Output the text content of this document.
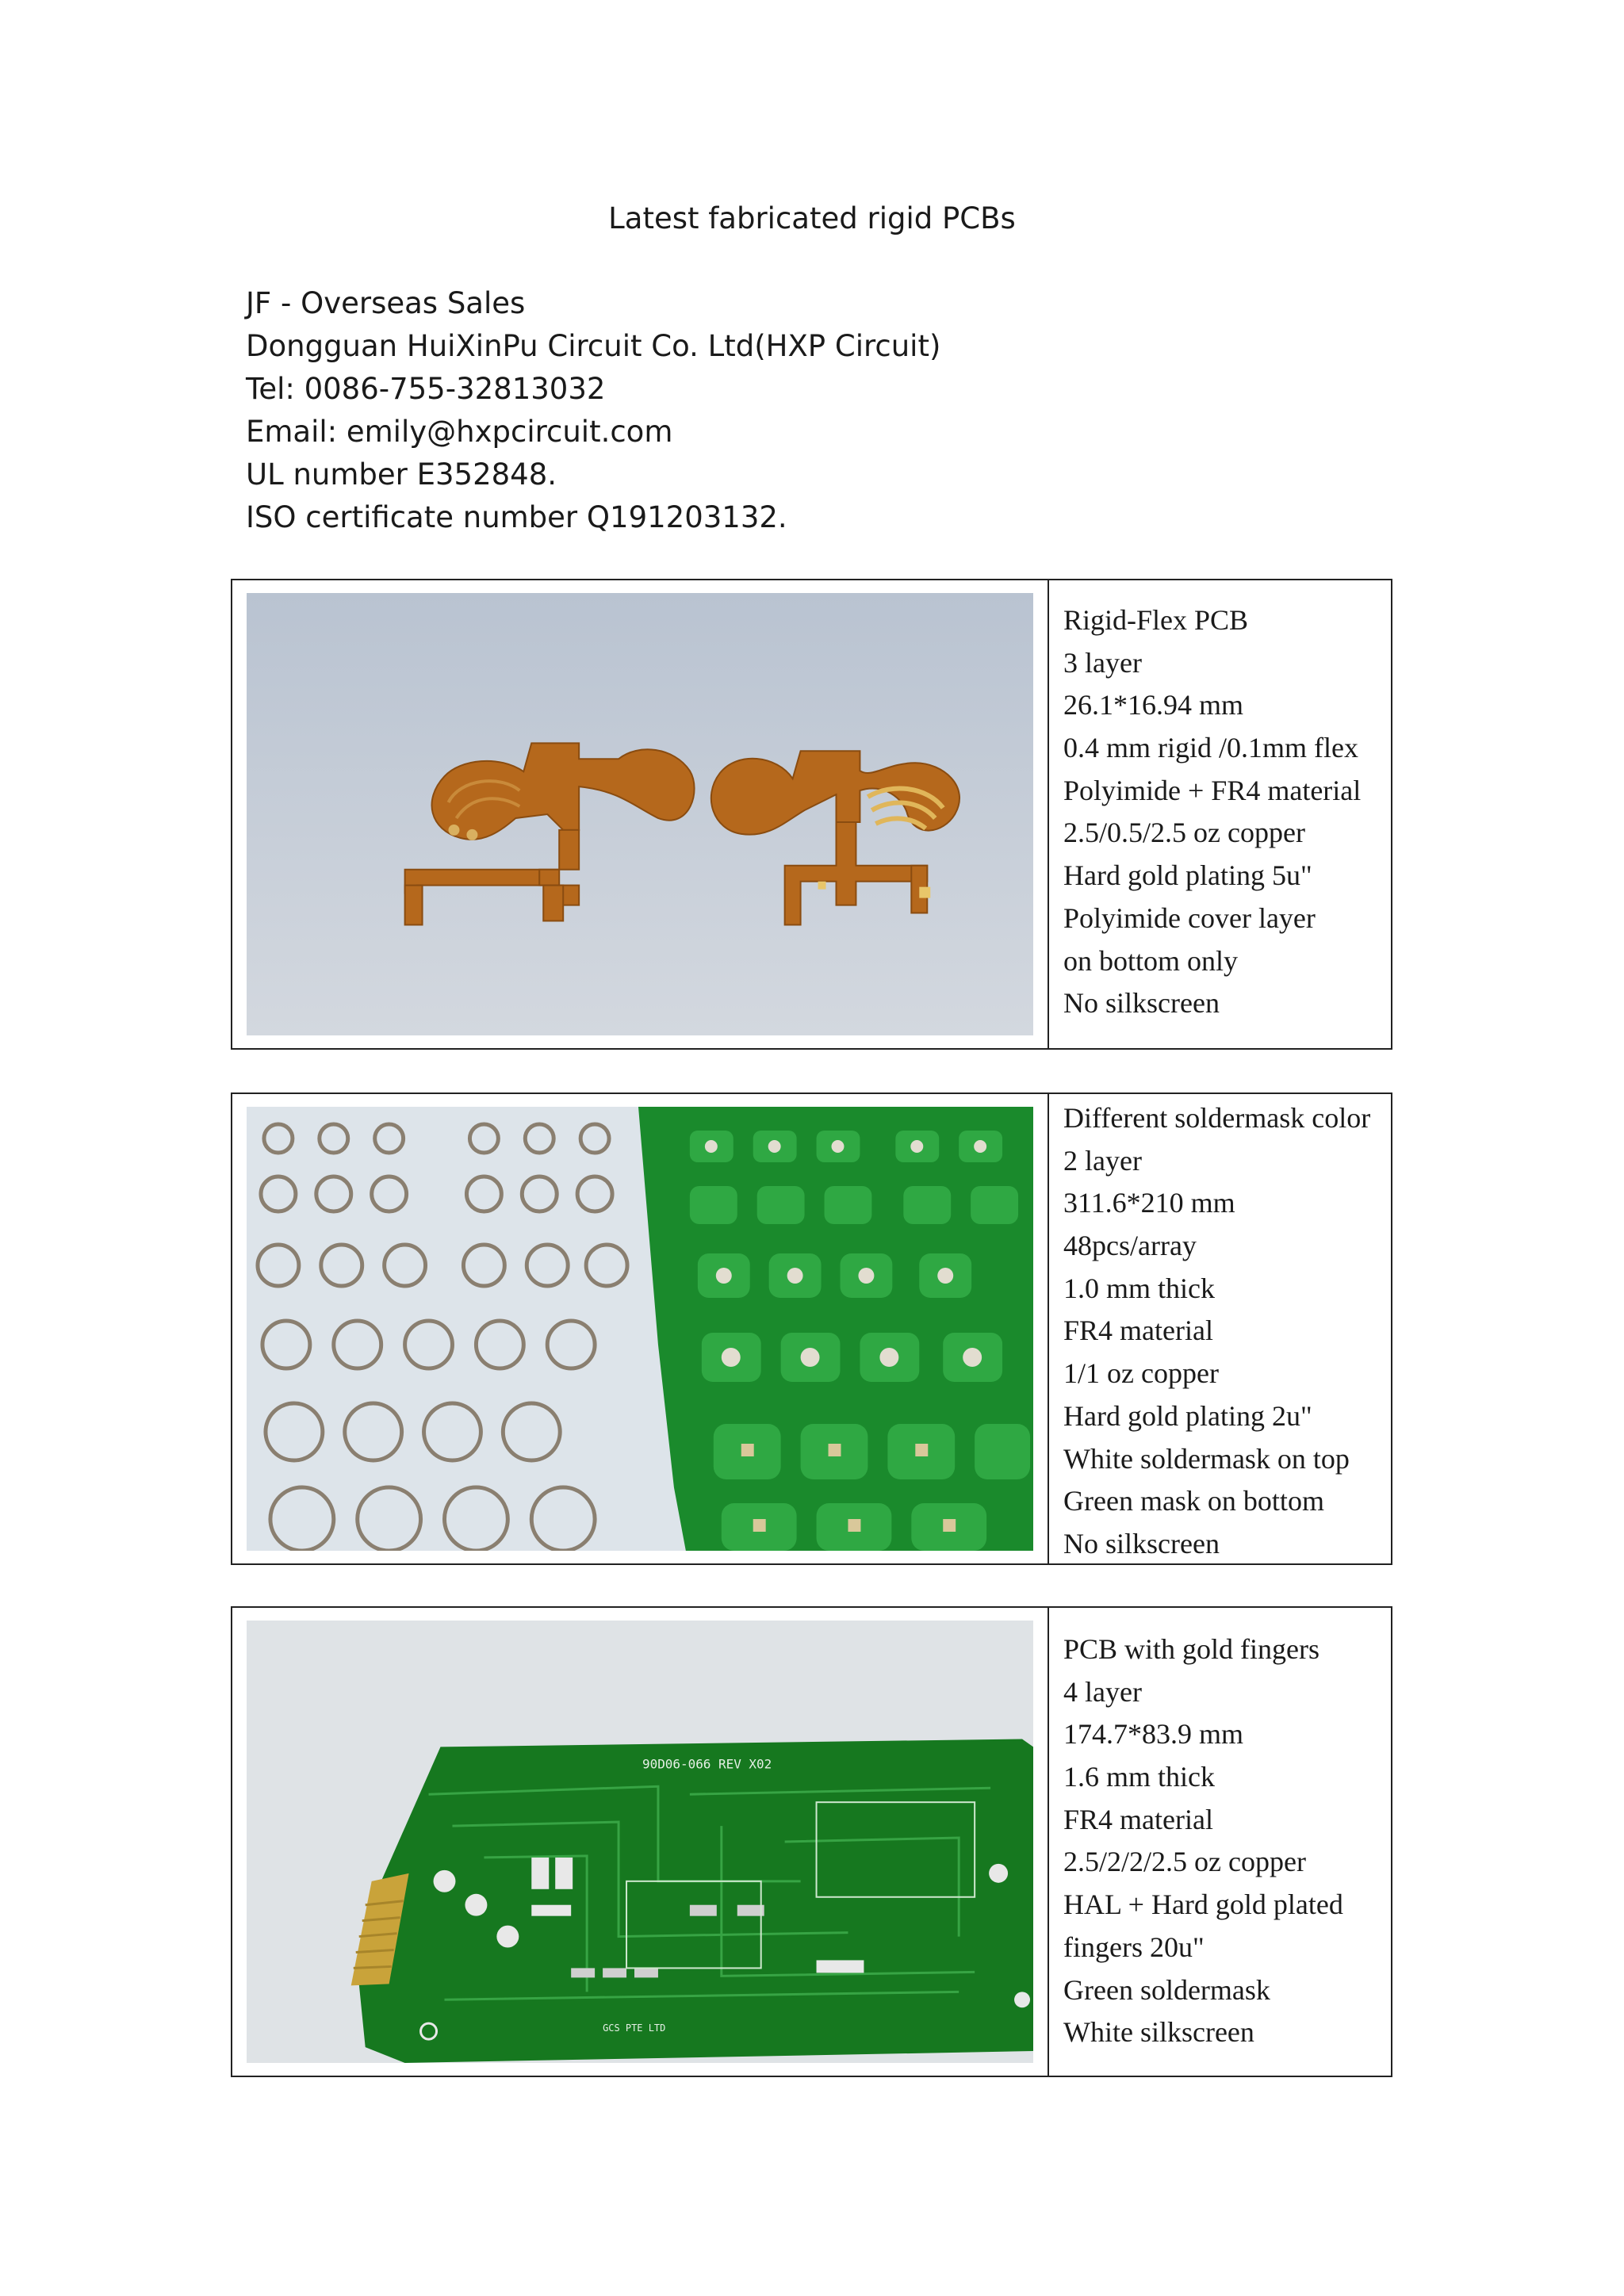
Latest fabricated rigid PCBs
JF - Overseas Sales
Dongguan HuiXinPu Circuit Co. Ltd(HXP Circuit)
Tel: 0086-755-32813032
Email: emily@hxpcircuit.com
UL number E352848.
ISO certificate number Q191203132.
Rigid-Flex PCB
3 layer
26.1*16.94 mm
0.4 mm rigid /0.1mm flex
Polyimide + FR4 material
2.5/0.5/2.5 oz copper
Hard gold plating 5u"
Polyimide cover layer
on bottom only
No silkscreen
Different soldermask color
2 layer
311.6*210 mm
48pcs/array
1.0 mm thick
FR4 material
1/1 oz copper
Hard gold plating 2u"
White soldermask on top
Green mask on bottom
No silkscreen
90D06-066 REV X02
GCS PTE LTD
PCB with gold fingers
4 layer
174.7*83.9 mm
1.6 mm thick
FR4 material
2.5/2/2/2.5 oz copper
HAL + Hard gold plated
fingers 20u"
Green soldermask
White silkscreen
